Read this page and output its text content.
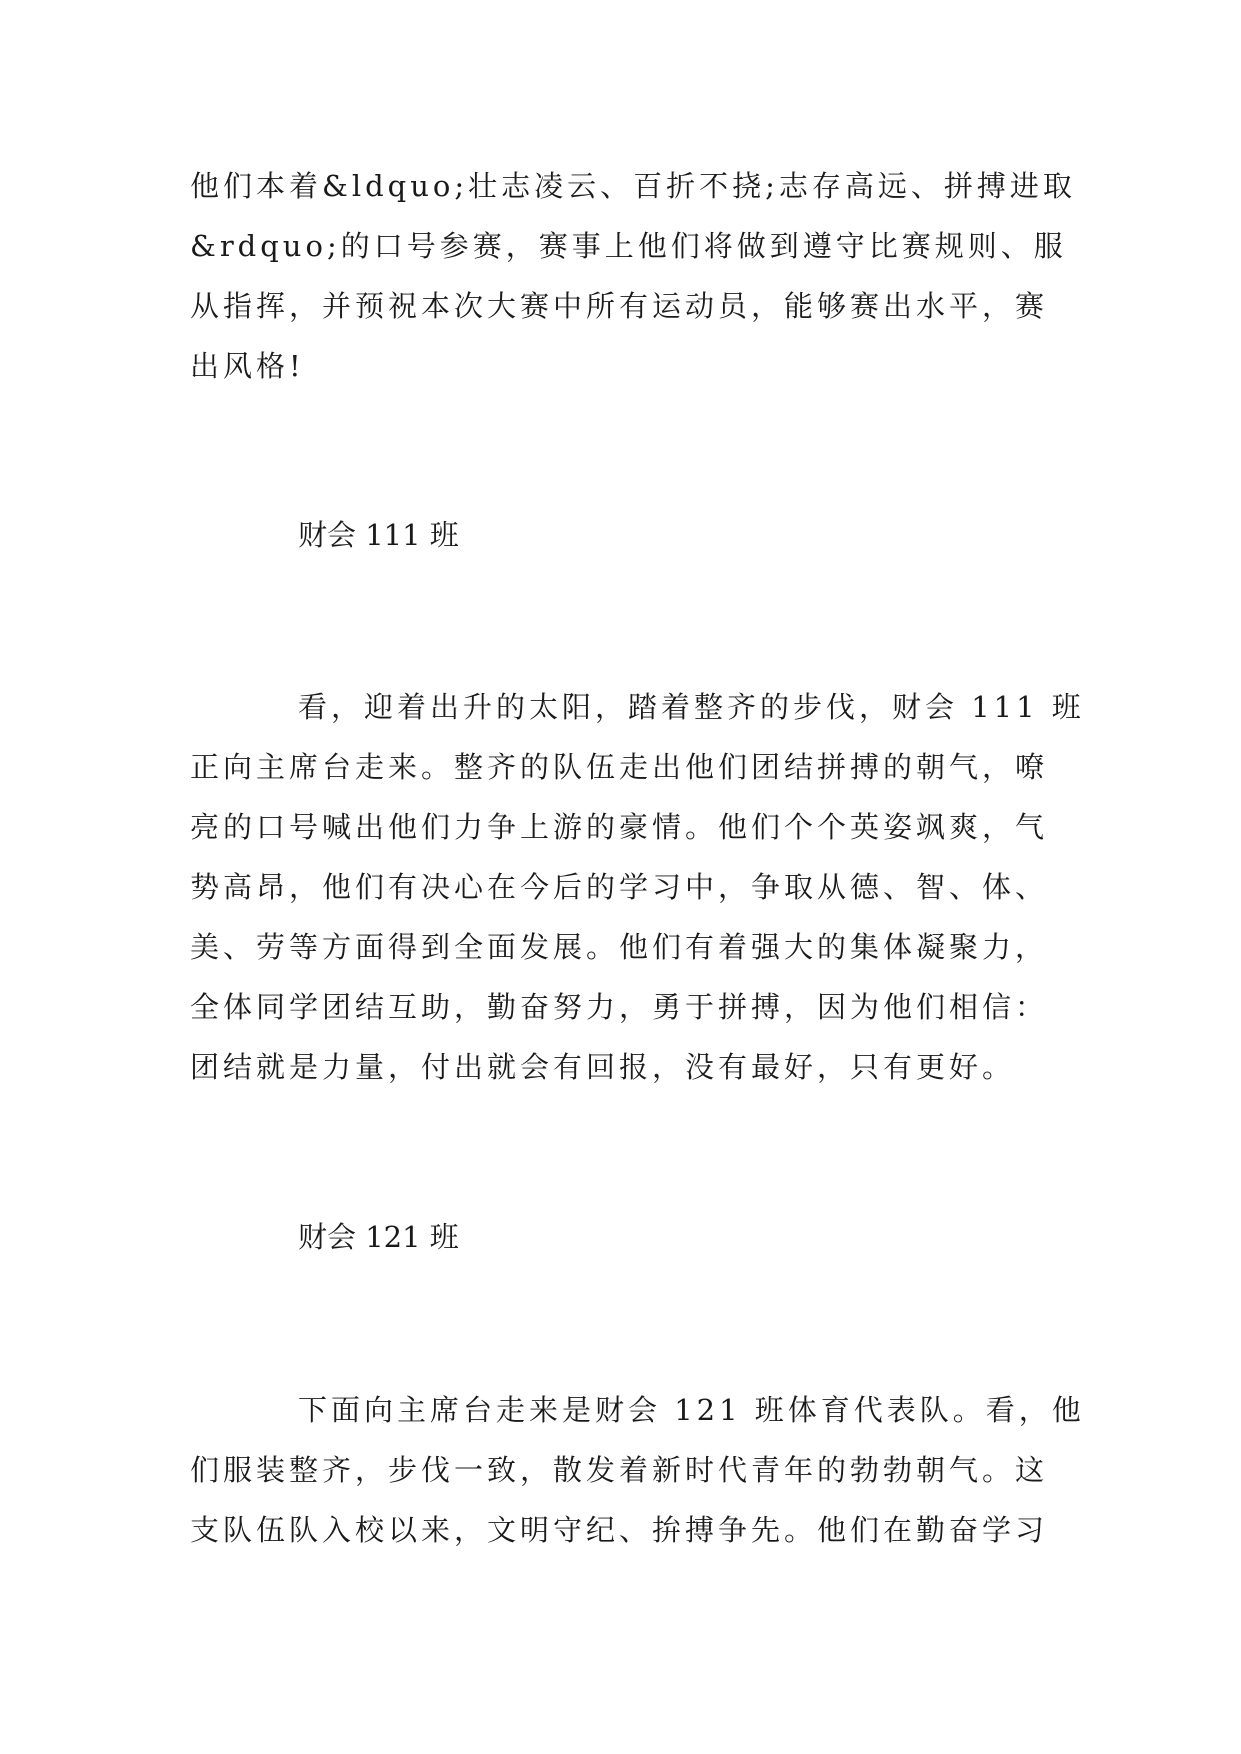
他们本着&ldquo;壮志凌云、百折不挠;志存高远、拼搏进取
&rdquo;的口号参赛，赛事上他们将做到遵守比赛规则、服
从指挥，并预祝本次大赛中所有运动员，能够赛出水平，赛
出风格!
财会 111 班
看，迎着出升的太阳，踏着整齐的步伐，财会 111 班
正向主席台走来。整齐的队伍走出他们团结拼搏的朝气，嘹
亮的口号喊出他们力争上游的豪情。他们个个英姿飒爽，气
势高昂，他们有决心在今后的学习中，争取从德、智、体、
美、劳等方面得到全面发展。他们有着强大的集体凝聚力，
全体同学团结互助，勤奋努力，勇于拼搏，因为他们相信：
团结就是力量，付出就会有回报，没有最好，只有更好。
财会 121 班
下面向主席台走来是财会 121 班体育代表队。看，他
们服装整齐，步伐一致，散发着新时代青年的勃勃朝气。这
支队伍队入校以来，文明守纪、拚搏争先。他们在勤奋学习
